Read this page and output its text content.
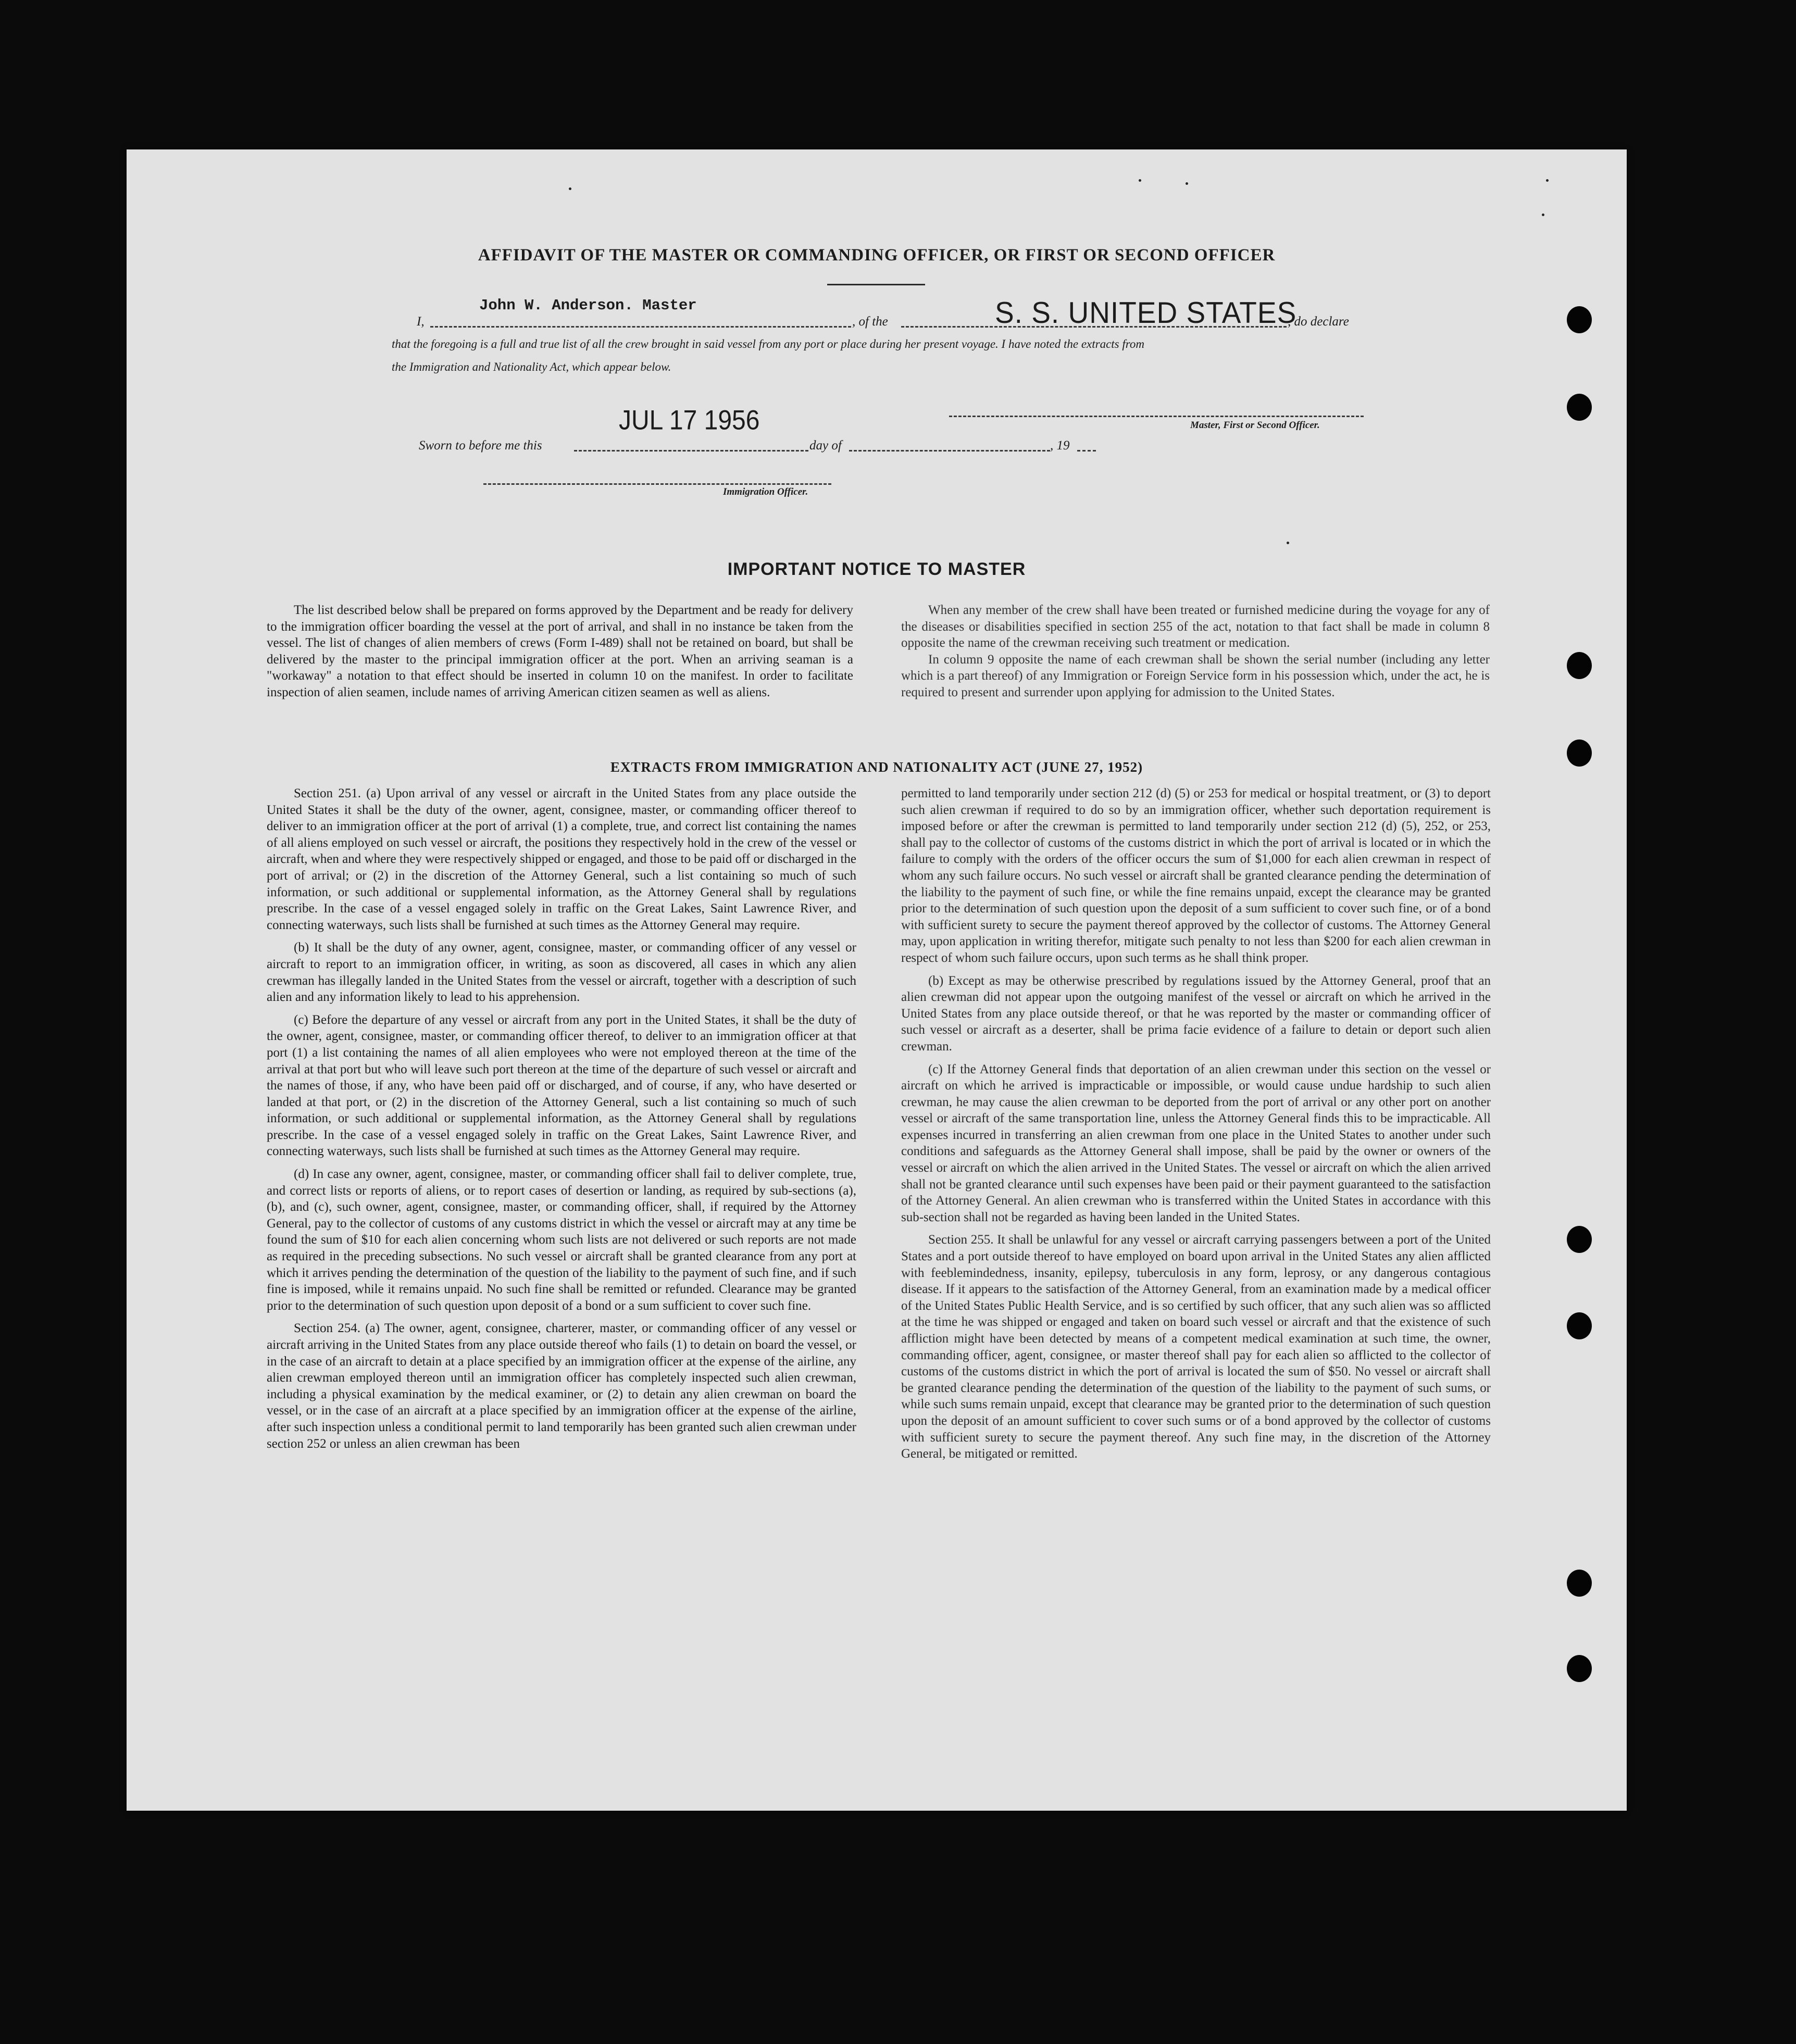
AFFIDAVIT OF THE MASTER OR COMMANDING OFFICER, OR FIRST OR SECOND OFFICER
John W. Anderson. Master
I,	, of the	S. S. UNITED STATES
, do declare
that the foregoing is a full and true list of all the crew brought in said vessel from any port or place during her present voyage. I have noted the extracts from
the Immigration and Nationality Act, which appear below.
Master, First or Second Officer.
JUL 17 1956
Sworn to before me this	day of	, 19
Immigration Officer.
IMPORTANT NOTICE TO MASTER

The list described below shall be prepared on forms approved by the Department and be ready for delivery to the immigration officer boarding the vessel at the port of arrival, and shall in no instance be taken from the vessel. The list of changes of alien members of crews (Form I-489) shall not be retained on board, but shall be delivered by the master to the principal immigration officer at the port. When an arriving seaman is a "workaway" a notation to that effect should be inserted in column 10 on the manifest. In order to facilitate inspection of alien seamen, include names of arriving American citizen seamen as well as aliens.

When any member of the crew shall have been treated or furnished medicine during the voyage for any of the diseases or disabilities specified in section 255 of the act, notation to that fact shall be made in column 8 opposite the name of the crewman receiving such treatment or medication.

In column 9 opposite the name of each crewman shall be shown the serial number (including any letter which is a part thereof) of any Immigration or Foreign Service form in his possession which, under the act, he is required to present and surrender upon applying for admission to the United States.

EXTRACTS FROM IMMIGRATION AND NATIONALITY ACT (JUNE 27, 1952)

Section 251. (a) Upon arrival of any vessel or aircraft in the United States from any place outside the United States it shall be the duty of the owner, agent, consignee, master, or commanding officer thereof to deliver to an immigration officer at the port of arrival (1) a complete, true, and correct list containing the names of all aliens employed on such vessel or aircraft, the positions they respectively hold in the crew of the vessel or aircraft, when and where they were respectively shipped or engaged, and those to be paid off or discharged in the port of arrival; or (2) in the discretion of the Attorney General, such a list containing so much of such information, or such additional or supplemental information, as the Attorney General shall by regulations prescribe. In the case of a vessel engaged solely in traffic on the Great Lakes, Saint Lawrence River, and connecting waterways, such lists shall be furnished at such times as the Attorney General may require.

(b) It shall be the duty of any owner, agent, consignee, master, or commanding officer of any vessel or aircraft to report to an immigration officer, in writing, as soon as discovered, all cases in which any alien crewman has illegally landed in the United States from the vessel or aircraft, together with a description of such alien and any information likely to lead to his apprehension.

(c) Before the departure of any vessel or aircraft from any port in the United States, it shall be the duty of the owner, agent, consignee, master, or commanding officer thereof, to deliver to an immigration officer at that port (1) a list containing the names of all alien employees who were not employed thereon at the time of the arrival at that port but who will leave such port thereon at the time of the departure of such vessel or aircraft and the names of those, if any, who have been paid off or discharged, and of course, if any, who have deserted or landed at that port, or (2) in the discretion of the Attorney General, such a list containing so much of such information, or such additional or supplemental information, as the Attorney General shall by regulations prescribe. In the case of a vessel engaged solely in traffic on the Great Lakes, Saint Lawrence River, and connecting waterways, such lists shall be furnished at such times as the Attorney General may require.

(d) In case any owner, agent, consignee, master, or commanding officer shall fail to deliver complete, true, and correct lists or reports of aliens, or to report cases of desertion or landing, as required by sub-sections (a), (b), and (c), such owner, agent, consignee, master, or commanding officer, shall, if required by the Attorney General, pay to the collector of customs of any customs district in which the vessel or aircraft may at any time be found the sum of $10 for each alien concerning whom such lists are not delivered or such reports are not made as required in the preceding subsections. No such vessel or aircraft shall be granted clearance from any port at which it arrives pending the determination of the question of the liability to the payment of such fine, and if such fine is imposed, while it remains unpaid. No such fine shall be remitted or refunded. Clearance may be granted prior to the determination of such question upon deposit of a bond or a sum sufficient to cover such fine.

Section 254. (a) The owner, agent, consignee, charterer, master, or commanding officer of any vessel or aircraft arriving in the United States from any place outside thereof who fails (1) to detain on board the vessel, or in the case of an aircraft to detain at a place specified by an immigration officer at the expense of the airline, any alien crewman employed thereon until an immigration officer has completely inspected such alien crewman, including a physical examination by the medical examiner, or (2) to detain any alien crewman on board the vessel, or in the case of an aircraft at a place specified by an immigration officer at the expense of the airline, after such inspection unless a conditional permit to land temporarily has been granted such alien crewman under section 252 or unless an alien crewman has been

permitted to land temporarily under section 212 (d) (5) or 253 for medical or hospital treatment, or (3) to deport such alien crewman if required to do so by an immigration officer, whether such deportation requirement is imposed before or after the crewman is permitted to land temporarily under section 212 (d) (5), 252, or 253, shall pay to the collector of customs of the customs district in which the port of arrival is located or in which the failure to comply with the orders of the officer occurs the sum of $1,000 for each alien crewman in respect of whom any such failure occurs. No such vessel or aircraft shall be granted clearance pending the determination of the liability to the payment of such fine, or while the fine remains unpaid, except the clearance may be granted prior to the determination of such question upon the deposit of a sum sufficient to cover such fine, or of a bond with sufficient surety to secure the payment thereof approved by the collector of customs. The Attorney General may, upon application in writing therefor, mitigate such penalty to not less than $200 for each alien crewman in respect of whom such failure occurs, upon such terms as he shall think proper.

(b) Except as may be otherwise prescribed by regulations issued by the Attorney General, proof that an alien crewman did not appear upon the outgoing manifest of the vessel or aircraft on which he arrived in the United States from any place outside thereof, or that he was reported by the master or commanding officer of such vessel or aircraft as a deserter, shall be prima facie evidence of a failure to detain or deport such alien crewman.

(c) If the Attorney General finds that deportation of an alien crewman under this section on the vessel or aircraft on which he arrived is impracticable or impossible, or would cause undue hardship to such alien crewman, he may cause the alien crewman to be deported from the port of arrival or any other port on another vessel or aircraft of the same transportation line, unless the Attorney General finds this to be impracticable. All expenses incurred in transferring an alien crewman from one place in the United States to another under such conditions and safeguards as the Attorney General shall impose, shall be paid by the owner or owners of the vessel or aircraft on which the alien arrived in the United States. The vessel or aircraft on which the alien arrived shall not be granted clearance until such expenses have been paid or their payment guaranteed to the satisfaction of the Attorney General. An alien crewman who is transferred within the United States in accordance with this sub-section shall not be regarded as having been landed in the United States.

Section 255. It shall be unlawful for any vessel or aircraft carrying passengers between a port of the United States and a port outside thereof to have employed on board upon arrival in the United States any alien afflicted with feeblemindedness, insanity, epilepsy, tuberculosis in any form, leprosy, or any dangerous contagious disease. If it appears to the satisfaction of the Attorney General, from an examination made by a medical officer of the United States Public Health Service, and is so certified by such officer, that any such alien was so afflicted at the time he was shipped or engaged and taken on board such vessel or aircraft and that the existence of such affliction might have been detected by means of a competent medical examination at such time, the owner, commanding officer, agent, consignee, or master thereof shall pay for each alien so afflicted to the collector of customs of the customs district in which the port of arrival is located the sum of $50. No vessel or aircraft shall be granted clearance pending the determination of the question of the liability to the payment of such sums, or while such sums remain unpaid, except that clearance may be granted prior to the determination of such question upon the deposit of an amount sufficient to cover such sums or of a bond approved by the collector of customs with sufficient surety to secure the payment thereof. Any such fine may, in the discretion of the Attorney General, be mitigated or remitted.
